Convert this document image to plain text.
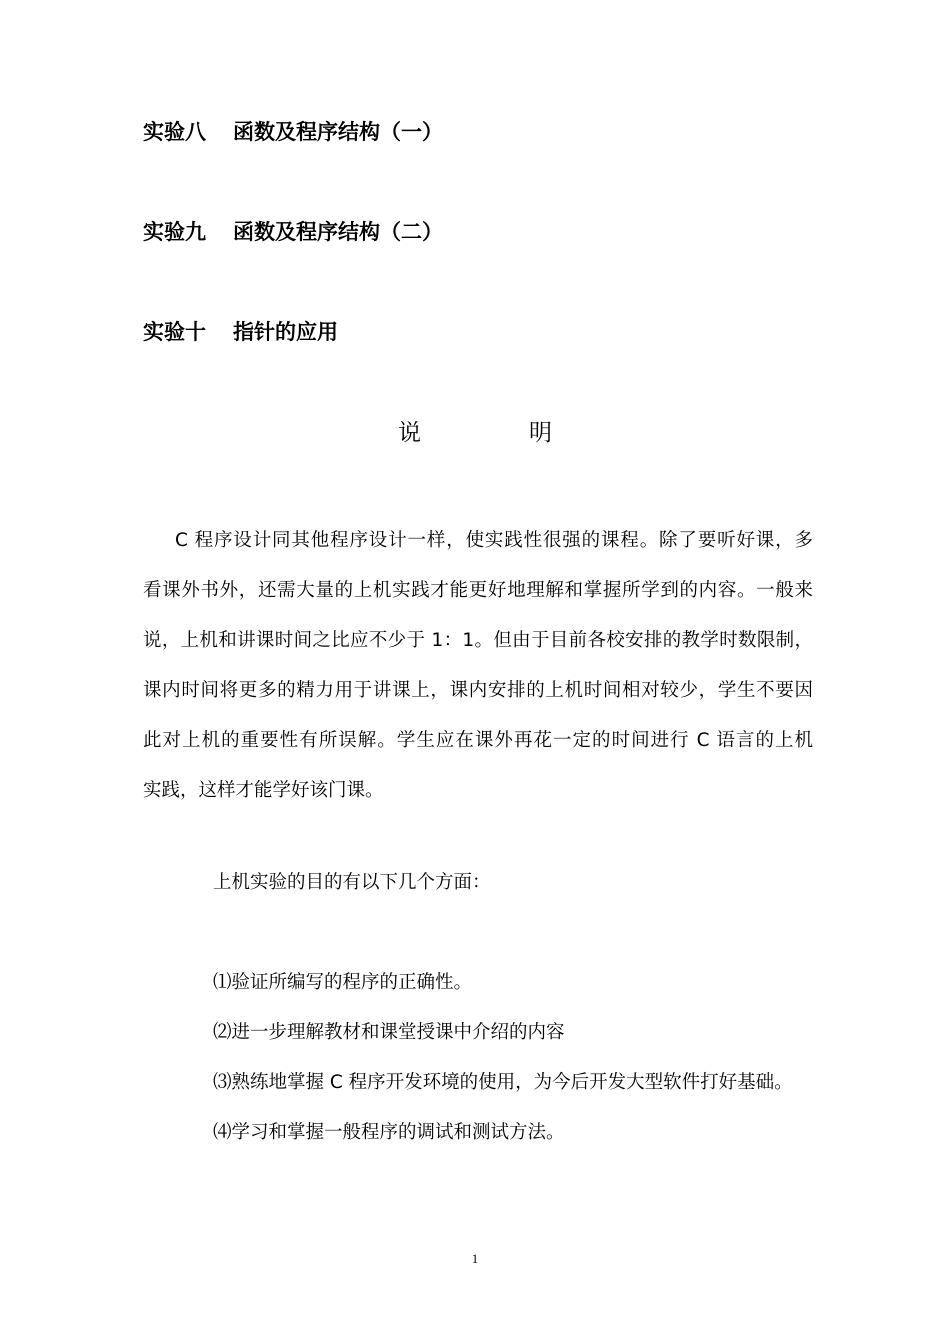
实验八 函数及程序结构（一）
实验九 函数及程序结构（二）
实验十 指针的应用
说	明
C 程序设计同其他程序设计一样，使实践性很强的课程。除了要听好课，多
看课外书外，还需大量的上机实践才能更好地理解和掌握所学到的内容。一般来
说，上机和讲课时间之比应不少于 1：1。但由于目前各校安排的教学时数限制，
课内时间将更多的精力用于讲课上，课内安排的上机时间相对较少，学生不要因
此对上机的重要性有所误解。学生应在课外再花一定的时间进行 C 语言的上机
实践，这样才能学好该门课。
上机实验的目的有以下几个方面：
⑴验证所编写的程序的正确性。
⑵进一步理解教材和课堂授课中介绍的内容
⑶熟练地掌握 C 程序开发环境的使用，为今后开发大型软件打好基础。
⑷学习和掌握一般程序的调试和测试方法。
1
